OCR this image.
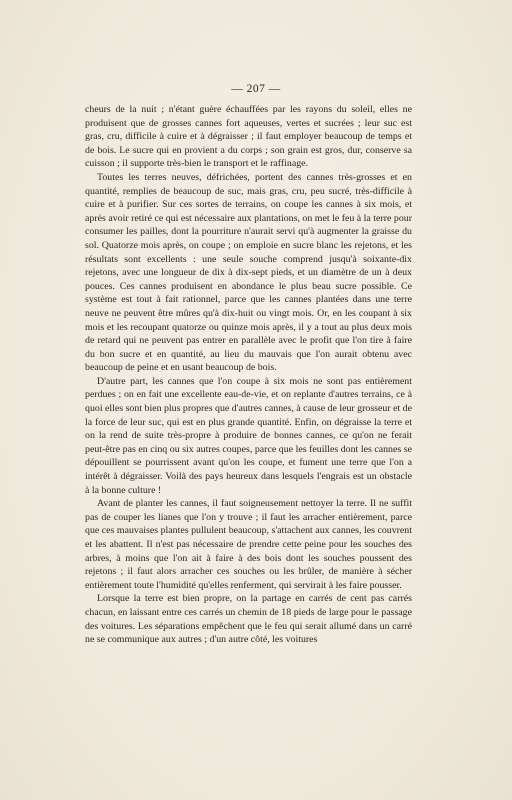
— 207 —

cheurs de la nuit ; n'étant guère échauffées par les rayons du soleil, elles ne produisent que de grosses cannes fort aqueuses, vertes et sucrées ; leur suc est gras, cru, difficile à cuire et à dégraisser ; il faut employer beaucoup de temps et de bois. Le sucre qui en provient a du corps ; son grain est gros, dur, conserve sa cuisson ; il supporte très-bien le transport et le raffinage.

Toutes les terres neuves, défrichées, portent des cannes très-grosses et en quantité, remplies de beaucoup de suc, mais gras, cru, peu sucré, très-difficile à cuire et à purifier. Sur ces sortes de terrains, on coupe les cannes à six mois, et après avoir retiré ce qui est nécessaire aux plantations, on met le feu à la terre pour consumer les pailles, dont la pourriture n'aurait servi qu'à augmenter la graisse du sol. Quatorze mois après, on coupe ; on emploie en sucre blanc les rejetons, et les résultats sont excellents : une seule souche comprend jusqu'à soixante-dix rejetons, avec une longueur de dix à dix-sept pieds, et un diamètre de un à deux pouces. Ces cannes produisent en abondance le plus beau sucre possible. Ce système est tout à fait rationnel, parce que les cannes plantées dans une terre neuve ne peuvent être mûres qu'à dix-huit ou vingt mois. Or, en les coupant à six mois et les recoupant quatorze ou quinze mois après, il y a tout au plus deux mois de retard qui ne peuvent pas entrer en parallèle avec le profit que l'on tire à faire du bon sucre et en quantité, au lieu du mauvais que l'on aurait obtenu avec beaucoup de peine et en usant beaucoup de bois.

D'autre part, les cannes que l'on coupe à six mois ne sont pas entièrement perdues ; on en fait une excellente eau-de-vie, et on replante d'autres terrains, ce à quoi elles sont bien plus propres que d'autres cannes, à cause de leur grosseur et de la force de leur suc, qui est en plus grande quantité. Enfin, on dégraisse la terre et on la rend de suite très-propre à produire de bonnes cannes, ce qu'on ne ferait peut-être pas en cinq ou six autres coupes, parce que les feuilles dont les cannes se dépouillent se pourrissent avant qu'on les coupe, et fument une terre que l'on a intérêt à dégraisser. Voilà des pays heureux dans lesquels l'engrais est un obstacle à la bonne culture !

Avant de planter les cannes, il faut soigneusement nettoyer la terre. Il ne suffit pas de couper les lianes que l'on y trouve ; il faut les arracher entièrement, parce que ces mauvaises plantes pullulent beaucoup, s'attachent aux cannes, les couvrent et les abattent. Il n'est pas nécessaire de prendre cette peine pour les souches des arbres, à moins que l'on ait à faire à des bois dont les souches poussent des rejetons ; il faut alors arracher ces souches ou les brûler, de manière à sécher entièrement toute l'humidité qu'elles renferment, qui servirait à les faire pousser.

Lorsque la terre est bien propre, on la partage en carrés de cent pas carrés chacun, en laissant entre ces carrés un chemin de 18 pieds de large pour le passage des voitures. Les séparations empêchent que le feu qui serait allumé dans un carré ne se communique aux autres ; d'un autre côté, les voitures
